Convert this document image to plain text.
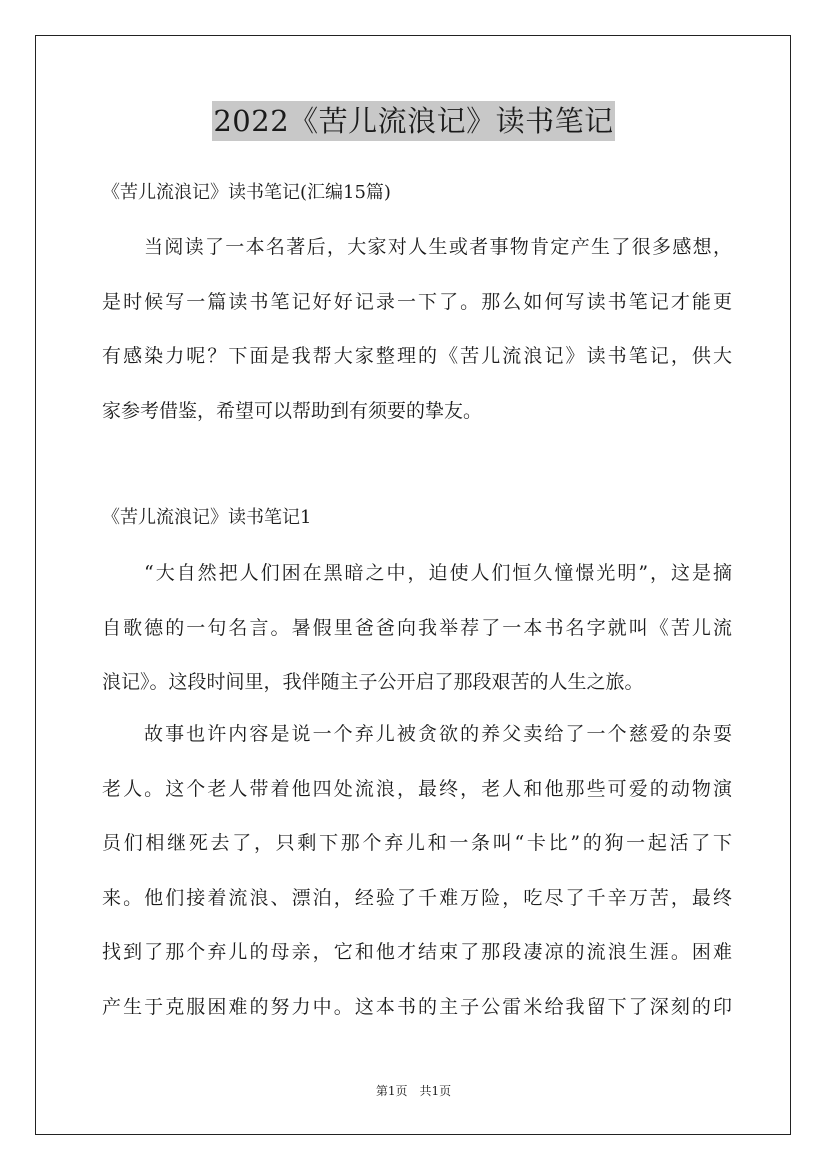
2022《苦儿流浪记》读书笔记
《苦儿流浪记》读书笔记(汇编15篇)
当阅读了一本名著后，大家对人生或者事物肯定产生了很多感想，
是时候写一篇读书笔记好好记录一下了。那么如何写读书笔记才能更
有感染力呢？下面是我帮大家整理的《苦儿流浪记》读书笔记，供大
家参考借鉴，希望可以帮助到有须要的挚友。
《苦儿流浪记》读书笔记1
“大自然把人们困在黑暗之中，迫使人们恒久憧憬光明”，这是摘
自歌德的一句名言。暑假里爸爸向我举荐了一本书名字就叫《苦儿流
浪记》。这段时间里，我伴随主子公开启了那段艰苦的人生之旅。
故事也许内容是说一个弃儿被贪欲的养父卖给了一个慈爱的杂耍
老人。这个老人带着他四处流浪，最终，老人和他那些可爱的动物演
员们相继死去了，只剩下那个弃儿和一条叫“卡比”的狗一起活了下
来。他们接着流浪、漂泊，经验了千难万险，吃尽了千辛万苦，最终
找到了那个弃儿的母亲，它和他才结束了那段凄凉的流浪生涯。困难
产生于克服困难的努力中。这本书的主子公雷米给我留下了深刻的印
第1页　共1页
